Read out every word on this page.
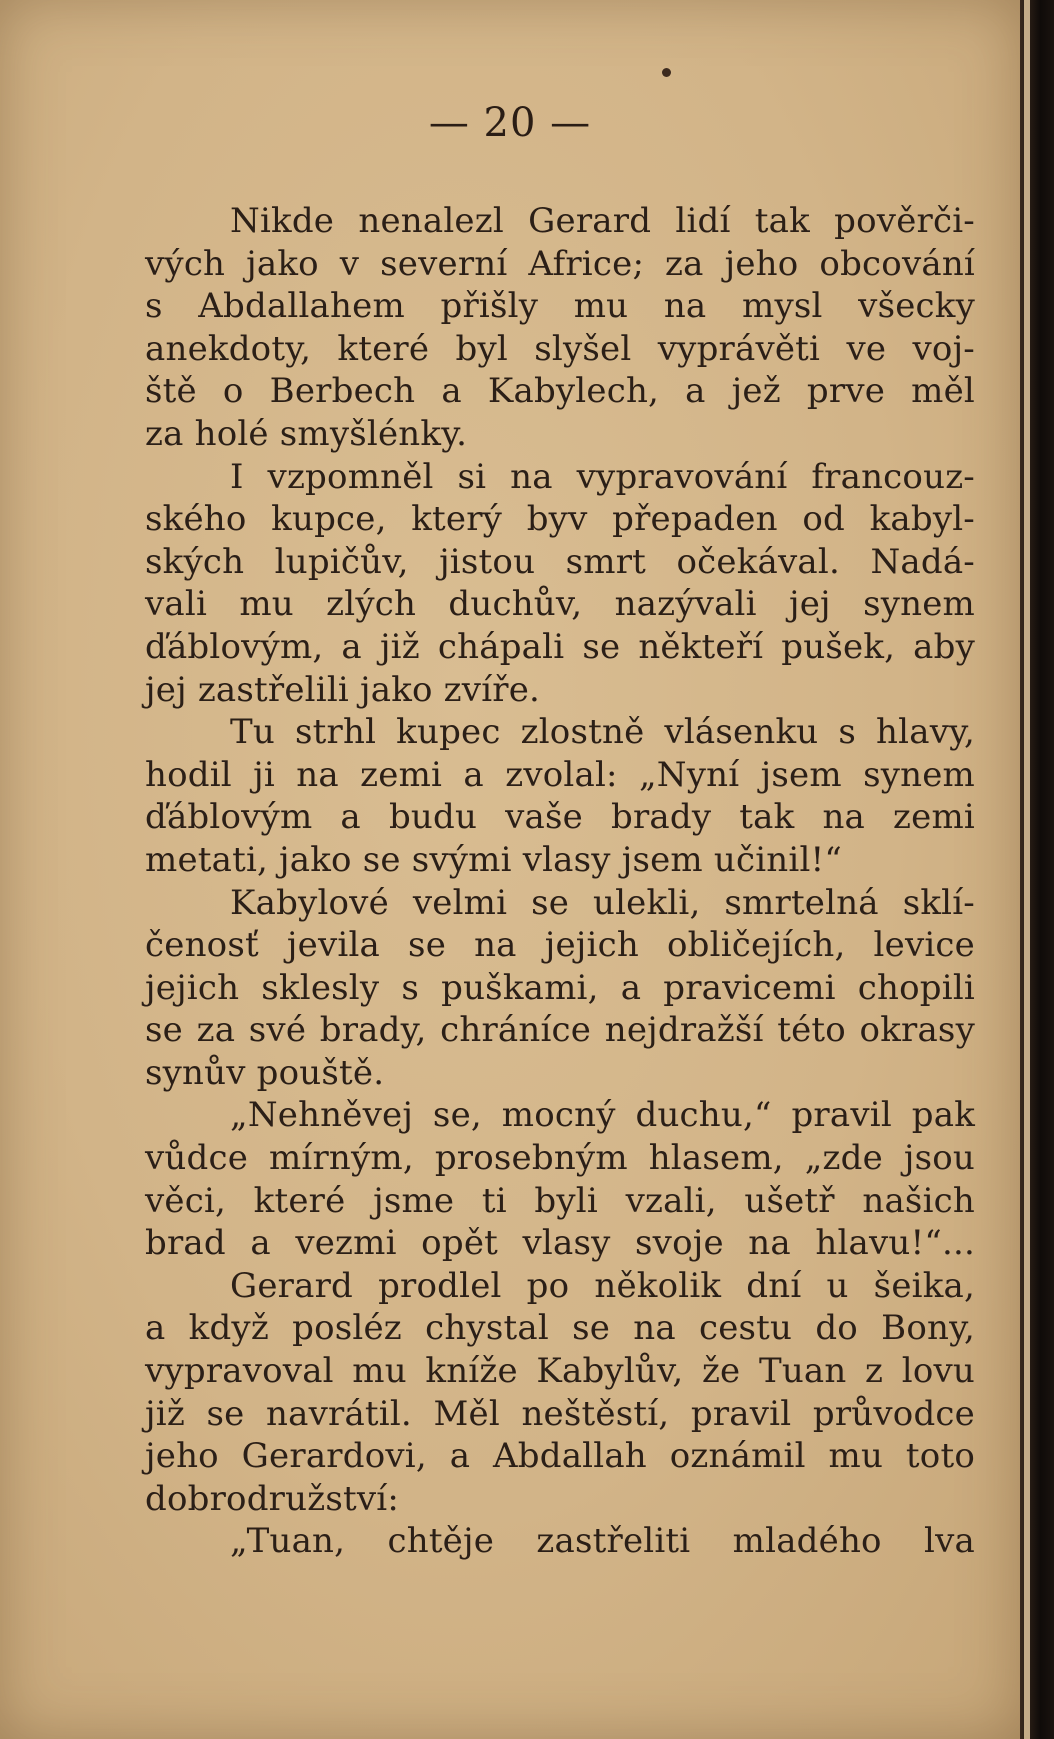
— 20 —
Nikde nenalezl Gerard lidí tak pověrči-
vých jako v severní Africe; za jeho obcování
s Abdallahem přišly mu na mysl všecky
anekdoty, které byl slyšel vyprávěti ve voj-
ště o Berbech a Kabylech, a jež prve měl
za holé smyšlénky.
I vzpomněl si na vypravování francouz-
ského kupce, který byv přepaden od kabyl-
ských lupičův, jistou smrt očekával. Nadá-
vali mu zlých duchův, nazývali jej synem
ďáblovým, a již chápali se někteří pušek, aby
jej zastřelili jako zvíře.
Tu strhl kupec zlostně vlásenku s hlavy,
hodil ji na zemi a zvolal: „Nyní jsem synem
ďáblovým a budu vaše brady tak na zemi
metati, jako se svými vlasy jsem učinil!“
Kabylové velmi se ulekli, smrtelná sklí-
čenosť jevila se na jejich obličejích, levice
jejich sklesly s puškami, a pravicemi chopili
se za své brady, chráníce nejdražší této okrasy
synův pouště.
„Nehněvej se, mocný duchu,“ pravil pak
vůdce mírným, prosebným hlasem, „zde jsou
věci, které jsme ti byli vzali, ušetř našich
brad a vezmi opět vlasy svoje na hlavu!“...
Gerard prodlel po několik dní u šeika,
a když posléz chystal se na cestu do Bony,
vypravoval mu kníže Kabylův, že Tuan z lovu
již se navrátil. Měl neštěstí, pravil průvodce
jeho Gerardovi, a Abdallah oznámil mu toto
dobrodružství:
„Tuan, chtěje zastřeliti mladého lva
